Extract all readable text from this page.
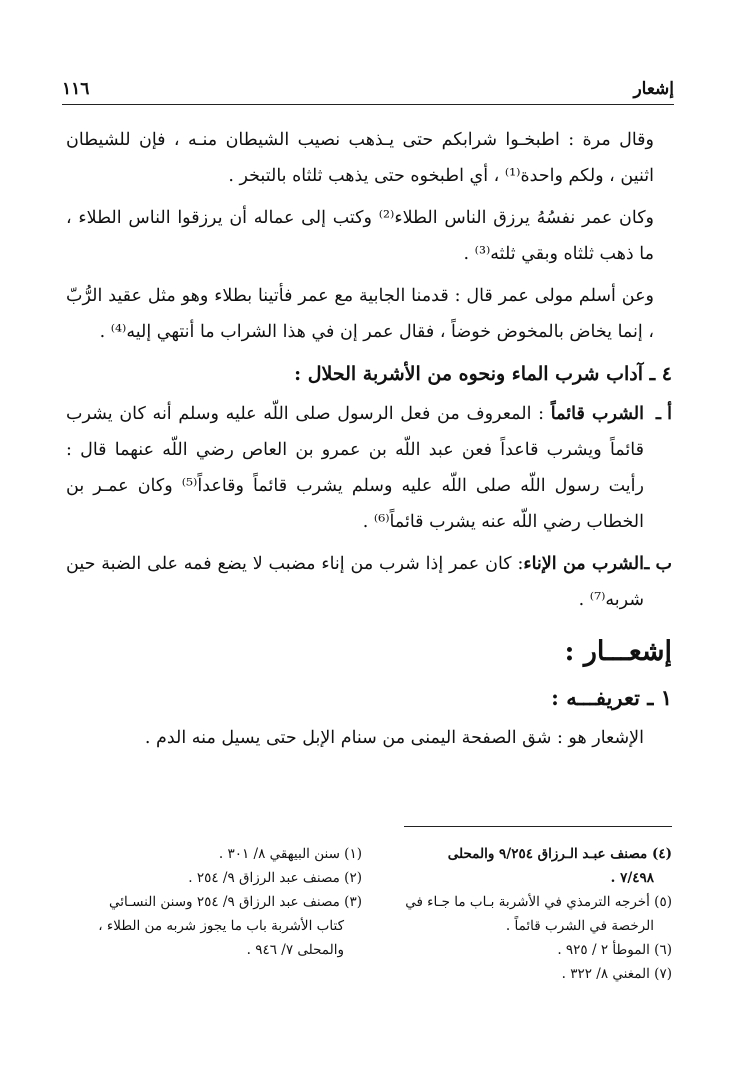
١١٦	إشعار

وقال مرة : اطبخـوا شرابكم حتى يـذهب نصيب الشيطان منـه ، فإن للشيطان اثنين ، ولكم واحدة⁽¹⁾ ، أي اطبخوه حتى يذهب ثلثاه بالتبخر .

وكان عمر نفسُهُ يرزق الناس الطلاء⁽²⁾ وكتب إلى عماله أن يرزقوا الناس الطلاء ، ما ذهب ثلثاه وبقي ثلثه⁽³⁾ .

وعن أسلم مولى عمر قال : قدمنا الجابية مع عمر فأتينا بطلاء وهو مثل عقيد الرُّبّ ، إنما يخاض بالمخوض خوضاً ، فقال عمر إن في هذا الشراب ما أنتهي إليه⁽⁴⁾ .

٤ ـ آداب شرب الماء ونحوه من الأشربة الحلال :

أ ـ
الشرب قائماً : المعروف من فعل الرسول صلى اللّه عليه وسلم أنه كان يشرب قائماً ويشرب قاعداً فعن عبد اللّه بن عمرو بن العاص رضي اللّه عنهما قال : رأيت رسول اللّه صلى اللّه عليه وسلم يشرب قائماً وقاعداً⁽⁵⁾ وكان عمـر بن الخطاب رضي اللّه عنه يشرب قائماً⁽⁶⁾ .
ب ـ
الشرب من الإناء: كان عمر إذا شرب من إناء مضبب لا يضع فمه على الضبة حين شربه⁽⁷⁾ .
إشعـــار :
١ ـ تعريفـــه :

الإشعار هو : شق الصفحة اليمنى من سنام الإبل حتى يسيل منه الدم .

(١) سنن البيهقي ٨/ ٣٠١ .

(٢) مصنف عبد الرزاق ٩/ ٢٥٤ .

(٣) مصنف عبد الرزاق ٩/ ٢٥٤ وسنن النسـائي

كتاب الأشربة باب ما يجوز شربه من الطلاء ،

والمحلى ٧/ ٩٤٦ .

(٤) مصنف عبـد الـرزاق ٩/٢٥٤ والمحلى

٧/٤٩٨ .

(٥) أخرجه الترمذي في الأشربة بـاب ما جـاء في

الرخصة في الشرب قائماً .

(٦) الموطأ ٢ / ٩٢٥ .

(٧) المغني ٨/ ٣٢٢ .
